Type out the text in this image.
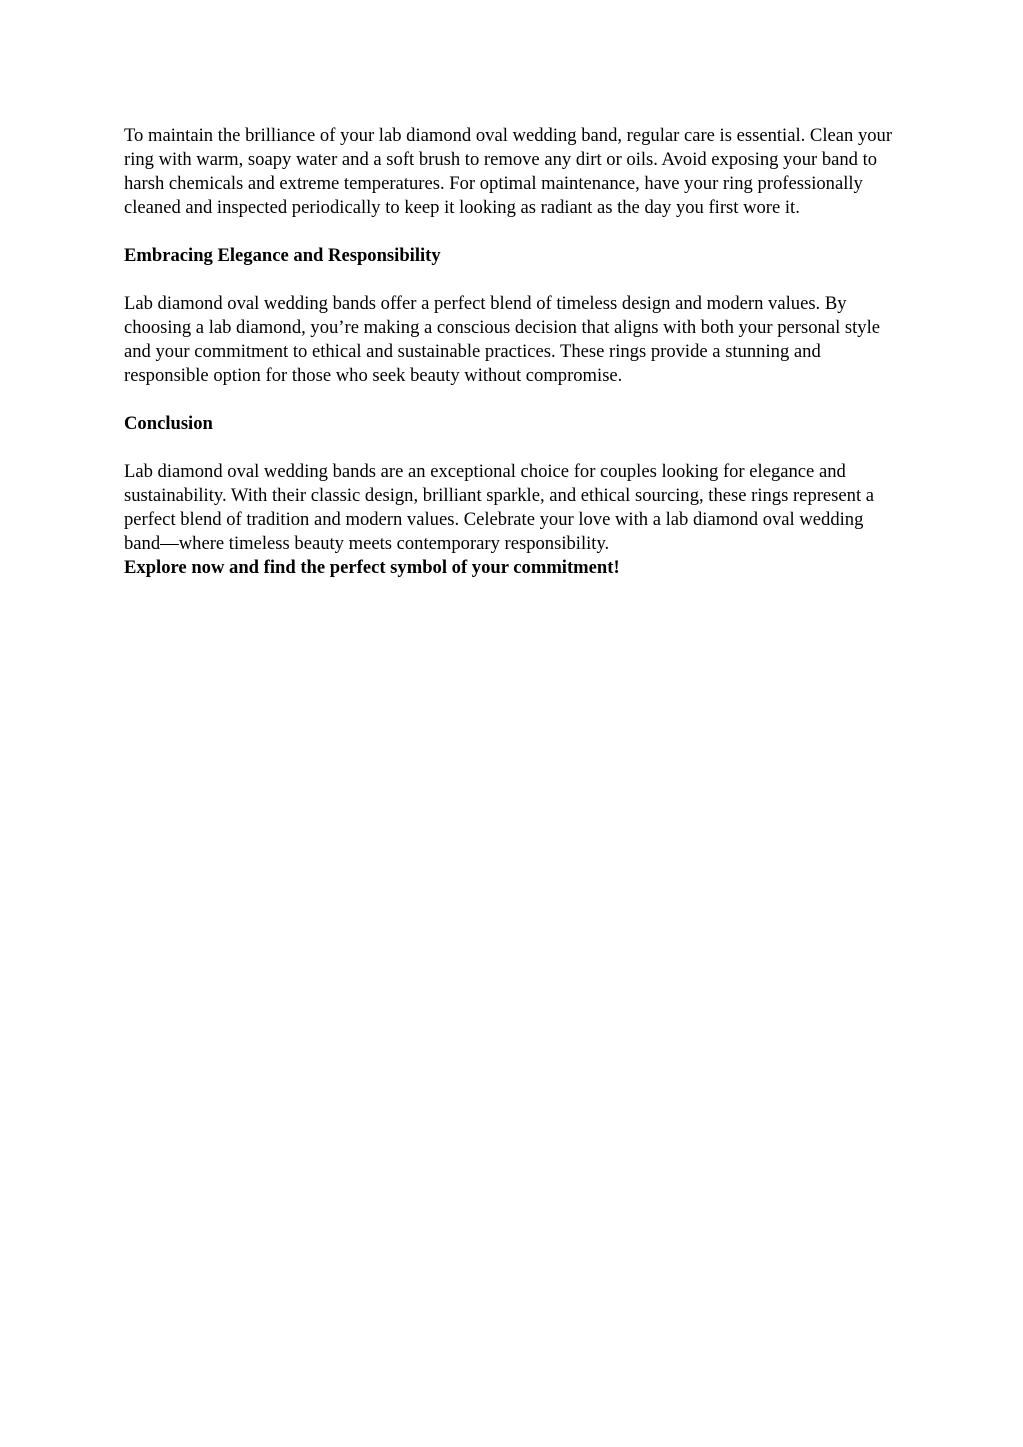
To maintain the brilliance of your lab diamond oval wedding band, regular care is essential. Clean your ring with warm, soapy water and a soft brush to remove any dirt or oils. Avoid exposing your band to harsh chemicals and extreme temperatures. For optimal maintenance, have your ring professionally cleaned and inspected periodically to keep it looking as radiant as the day you first wore it.

Embracing Elegance and Responsibility

Lab diamond oval wedding bands offer a perfect blend of timeless design and modern values. By choosing a lab diamond, you’re making a conscious decision that aligns with both your personal style and your commitment to ethical and sustainable practices. These rings provide a stunning and responsible option for those who seek beauty without compromise.

Conclusion
Lab diamond oval wedding bands are an exceptional choice for couples looking for elegance and sustainability. With their classic design, brilliant sparkle, and ethical sourcing, these rings represent a perfect blend of tradition and modern values. Celebrate your love with a lab diamond oval wedding band—where timeless beauty meets contemporary responsibility.
Explore now and find the perfect symbol of your commitment!
